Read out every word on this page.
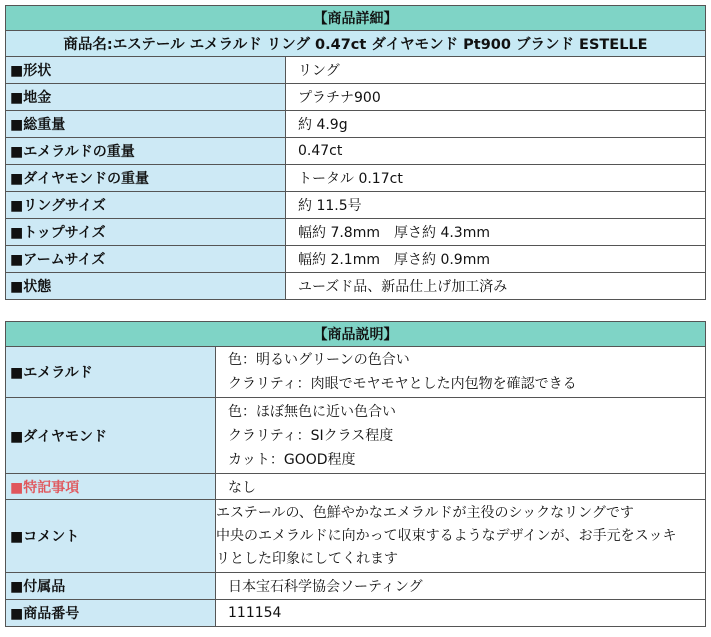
【商品詳細】	
商品名:エステール エメラルド リング 0.47ct ダイヤモンド Pt900 ブランド ESTELLE	
■形状	リング
■地金	プラチナ900
■総重量	約 4.9g
■エメラルドの重量	0.47ct
■ダイヤモンドの重量	トータル 0.17ct
■リングサイズ	約 11.5号
■トップサイズ	幅約 7.8mm　厚さ約 4.3mm
■アームサイズ	幅約 2.1mm　厚さ約 0.9mm
■状態	ユーズド品、新品仕上げ加工済み
【商品説明】	
■エメラルド	色：明るいグリーンの色合い
クラリティ：肉眼でモヤモヤとした内包物を確認できる

■ダイヤモンド	色：ほぼ無色に近い色合い
クラリティ：SIクラス程度
カット：GOOD程度

■特記事項	なし
■コメント	エステールの、色鮮やかなエメラルドが主役のシックなリングです
中央のエメラルドに向かって収束するようなデザインが、お手元をスッキ
リとした印象にしてくれます

■付属品	日本宝石科学協会ソーティング
■商品番号	111154
